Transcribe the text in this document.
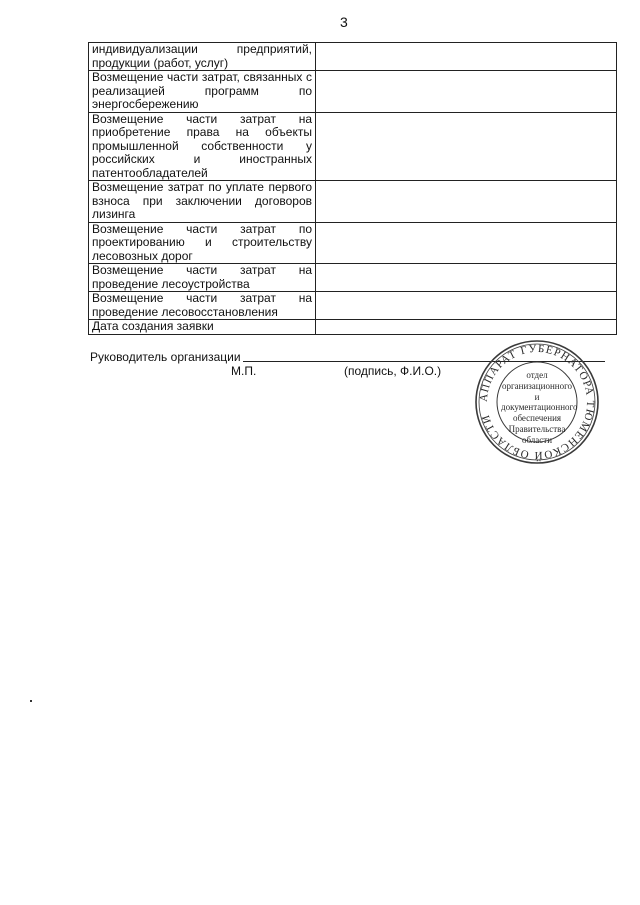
3
индивидуализации предприятий, продукции (работ, услуг)	
Возмещение части затрат, связанных с реализацией программ по энергосбережению	
Возмещение части затрат на приобретение права на объекты промышленной собственности у российских и иностранных патентообладателей	
Возмещение затрат по уплате первого взноса при заключении договоров лизинга	
Возмещение части затрат по проектированию и строительству лесовозных дорог	
Возмещение части затрат на проведение лесоустройства	
Возмещение части затрат на проведение лесовосстановления	
Дата создания заявки	
Руководитель организации
М.П.	(подпись, Ф.И.О.)
АППАРАТ ГУБЕРНАТОРА ТЮМЕНСКОЙ ОБЛАСТИ
отдел
организационного
и
документационного
обеспечения
Правительства
области
